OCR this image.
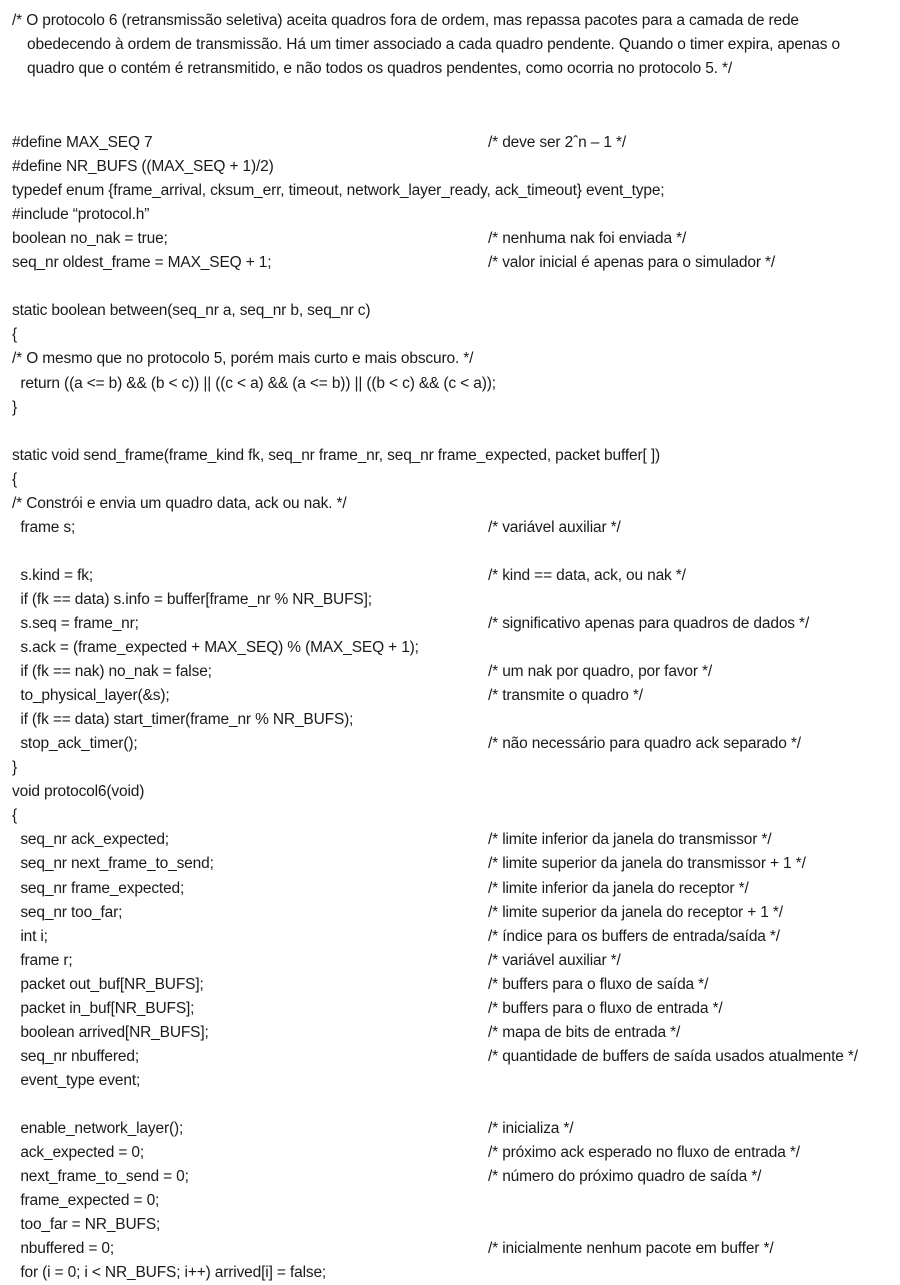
/* O protocolo 6 (retransmissão seletiva) aceita quadros fora de ordem, mas repassa pacotes para a camada de rede
obedecendo à ordem de transmissão. Há um timer associado a cada quadro pendente. Quando o timer expira, apenas o
quadro que o contém é retransmitido, e não todos os quadros pendentes, como ocorria no protocolo 5. */
#define MAX_SEQ 7	/* deve ser 2ˆn – 1 */
#define NR_BUFS ((MAX_SEQ + 1)/2)
typedef enum {frame_arrival, cksum_err, timeout, network_layer_ready, ack_timeout} event_type;
#include “protocol.h”
boolean no_nak = true;	/* nenhuma nak foi enviada */
seq_nr oldest_frame = MAX_SEQ + 1;	/* valor inicial é apenas para o simulador */
static boolean between(seq_nr a, seq_nr b, seq_nr c)
{
/* O mesmo que no protocolo 5, porém mais curto e mais obscuro. */
return ((a <= b) && (b < c)) || ((c < a) && (a <= b)) || ((b < c) && (c < a));
}
static void send_frame(frame_kind fk, seq_nr frame_nr, seq_nr frame_expected, packet buffer[ ])
{
/* Constrói e envia um quadro data, ack ou nak. */
frame s;	/* variável auxiliar */
s.kind = fk;	/* kind == data, ack, ou nak */
if (fk == data) s.info = buffer[frame_nr % NR_BUFS];
s.seq = frame_nr;	/* significativo apenas para quadros de dados */
s.ack = (frame_expected + MAX_SEQ) % (MAX_SEQ + 1);
if (fk == nak) no_nak = false;	/* um nak por quadro, por favor */
to_physical_layer(&s);	/* transmite o quadro */
if (fk == data) start_timer(frame_nr % NR_BUFS);
stop_ack_timer();	/* não necessário para quadro ack separado */
}
void protocol6(void)
{
seq_nr ack_expected;	/* limite inferior da janela do transmissor */
seq_nr next_frame_to_send;	/* limite superior da janela do transmissor + 1 */
seq_nr frame_expected;	/* limite inferior da janela do receptor */
seq_nr too_far;	/* limite superior da janela do receptor + 1 */
int i;	/* índice para os buffers de entrada/saída */
frame r;	/* variável auxiliar */
packet out_buf[NR_BUFS];	/* buffers para o fluxo de saída */
packet in_buf[NR_BUFS];	/* buffers para o fluxo de entrada */
boolean arrived[NR_BUFS];	/* mapa de bits de entrada */
seq_nr nbuffered;	/* quantidade de buffers de saída usados atualmente */
event_type event;
enable_network_layer();	/* inicializa */
ack_expected = 0;	/* próximo ack esperado no fluxo de entrada */
next_frame_to_send = 0;	/* número do próximo quadro de saída */
frame_expected = 0;
too_far = NR_BUFS;
nbuffered = 0;	/* inicialmente nenhum pacote em buffer */
for (i = 0; i < NR_BUFS; i++) arrived[i] = false;
